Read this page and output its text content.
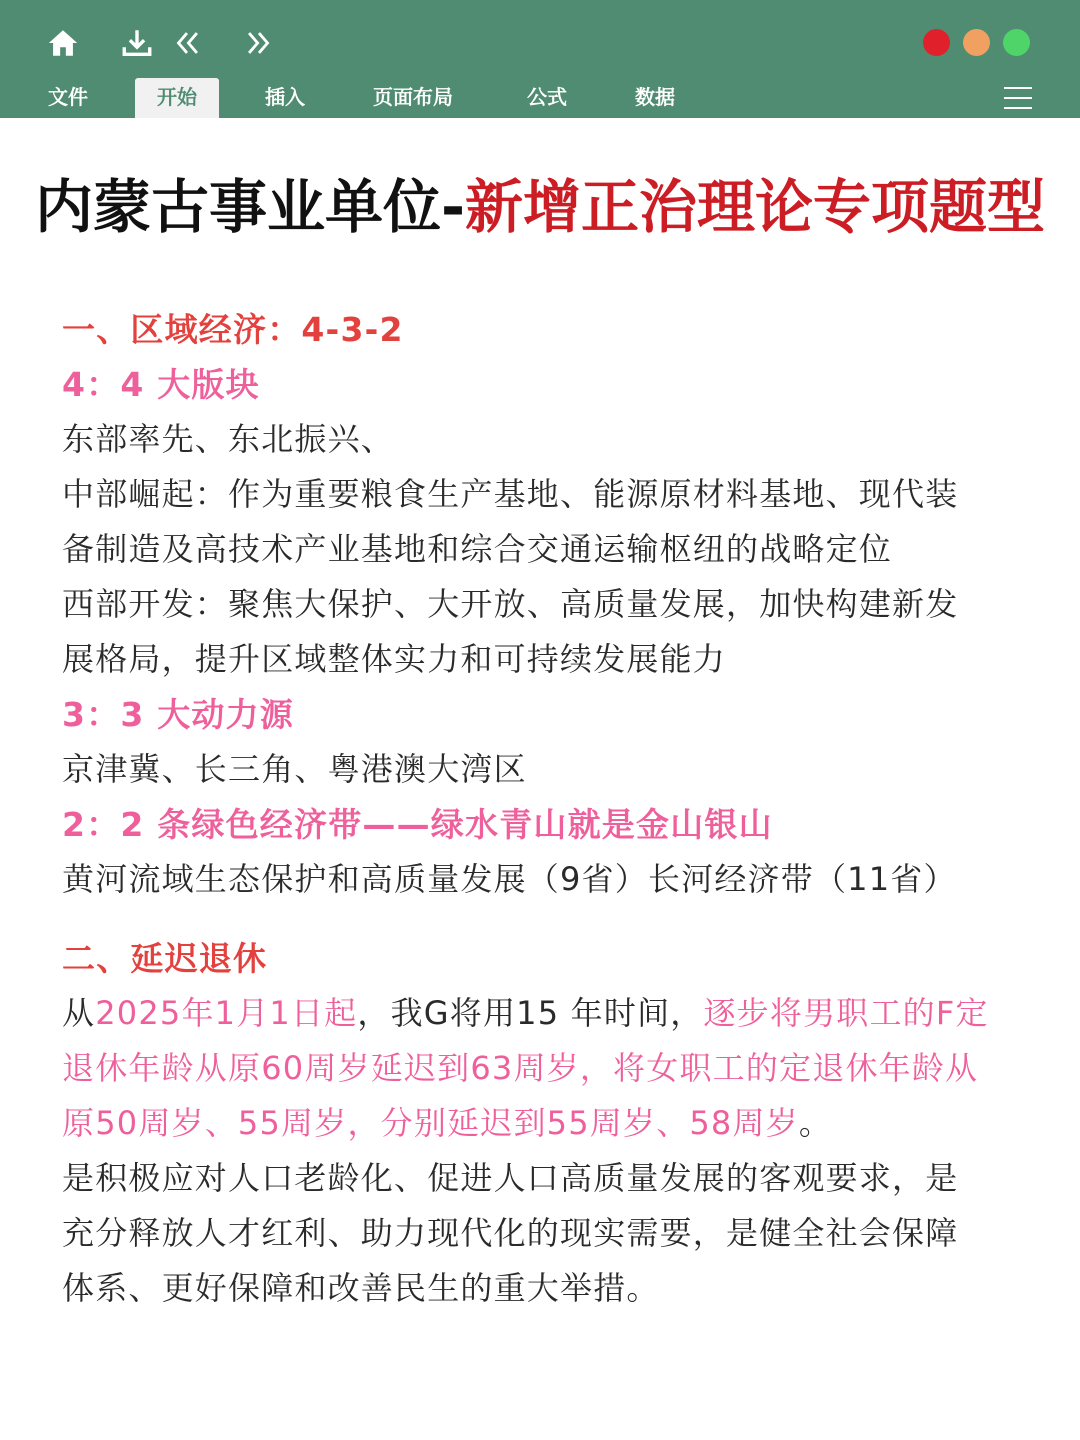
文件	开始	插入	页面布局	公式	数据
内蒙古事业单位-新增正治理论专项题型
一、区域经济：4-3-2
4：4 大版块
东部率先、东北振兴、
中部崛起：作为重要粮食生产基地、能源原材料基地、现代装
备制造及高技术产业基地和综合交通运输枢纽的战略定位
西部开发：聚焦大保护、大开放、高质量发展，加快构建新发
展格局，提升区域整体实力和可持续发展能力
3：3 大动力源
京津冀、长三角、粤港澳大湾区
2：2 条绿色经济带——绿水青山就是金山银山
黄河流域生态保护和高质量发展（9省）长河经济带（11省）
二、延迟退休
从2025年1月1日起，我G将用15 年时间，逐步将男职工的F定
退休年龄从原60周岁延迟到63周岁，将女职工的定退休年龄从
原50周岁、55周岁，分别延迟到55周岁、58周岁。
是积极应对人口老龄化、促进人口高质量发展的客观要求，是
充分释放人才红利、助力现代化的现实需要，是健全社会保障
体系、更好保障和改善民生的重大举措。
